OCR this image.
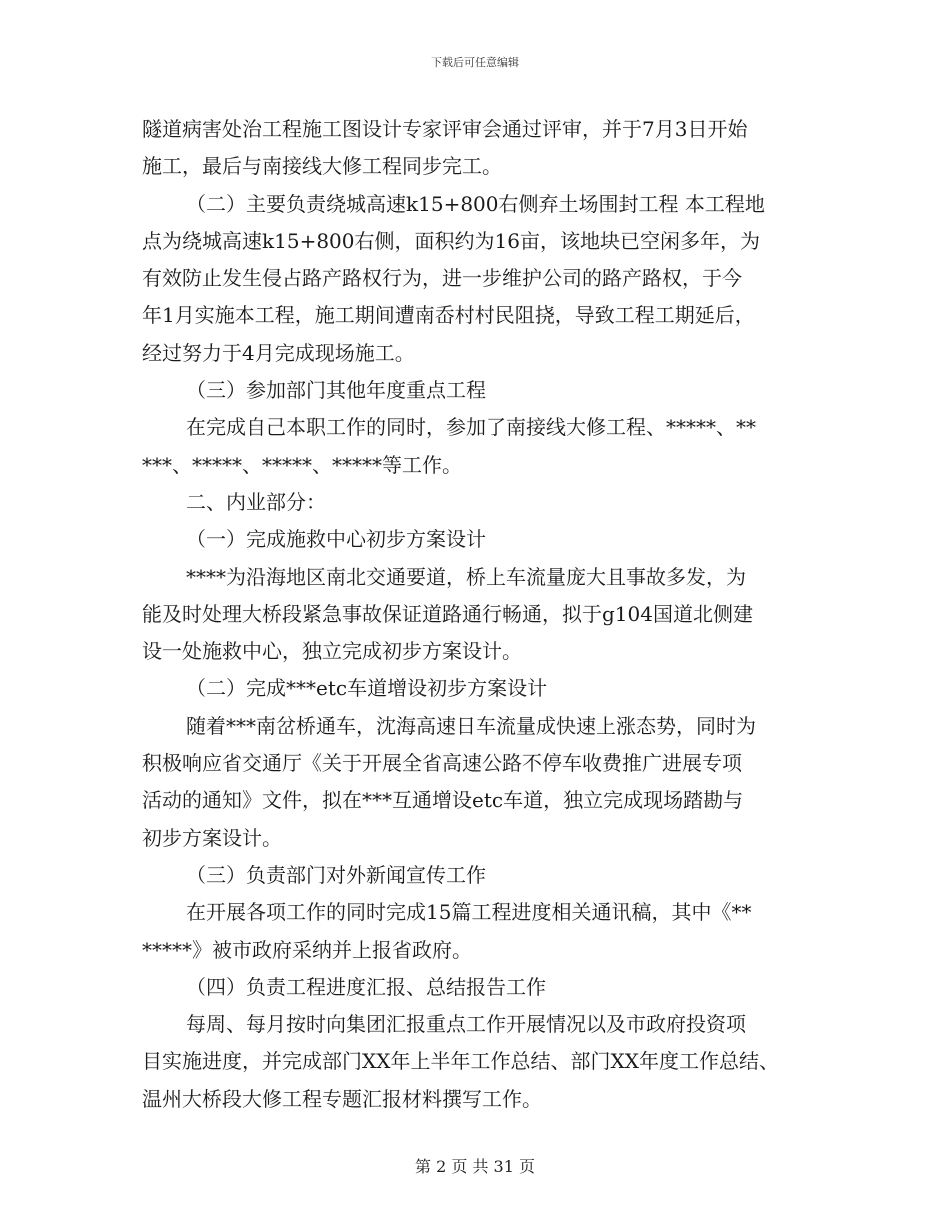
下载后可任意编辑
隧道病害处治工程施工图设计专家评审会通过评审，并于7月3日开始
施工，最后与南接线大修工程同步完工。
（二）主要负责绕城高速k15+800右侧弃土场围封工程 本工程地
点为绕城高速k15+800右侧，面积约为16亩，该地块已空闲多年，为
有效防止发生侵占路产路权行为，进一步维护公司的路产路权，于今
年1月实施本工程，施工期间遭南岙村村民阻挠，导致工程工期延后，
经过努力于4月完成现场施工。
（三）参加部门其他年度重点工程
在完成自己本职工作的同时，参加了南接线大修工程、*****、**
***、*****、*****、*****等工作。
二、内业部分：
（一）完成施救中心初步方案设计
****为沿海地区南北交通要道，桥上车流量庞大且事故多发，为
能及时处理大桥段紧急事故保证道路通行畅通，拟于g104国道北侧建
设一处施救中心，独立完成初步方案设计。
（二）完成***etc车道增设初步方案设计
随着***南岔桥通车，沈海高速日车流量成快速上涨态势，同时为
积极响应省交通厅《关于开展全省高速公路不停车收费推广进展专项
活动的通知》文件，拟在***互通增设etc车道，独立完成现场踏勘与
初步方案设计。
（三）负责部门对外新闻宣传工作
在开展各项工作的同时完成15篇工程进度相关通讯稿，其中《**
*****》被市政府采纳并上报省政府。
（四）负责工程进度汇报、总结报告工作
每周、每月按时向集团汇报重点工作开展情况以及市政府投资项
目实施进度，并完成部门XX年上半年工作总结、部门XX年度工作总结、
温州大桥段大修工程专题汇报材料撰写工作。
第 2 页 共 31 页
